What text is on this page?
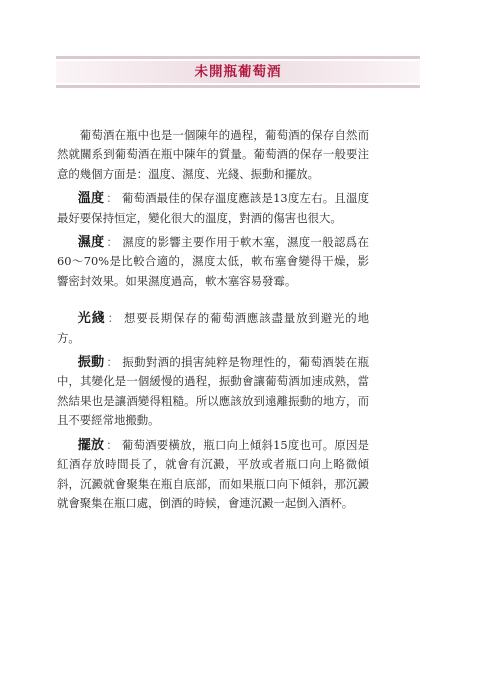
未開瓶葡萄酒

葡萄酒在瓶中也是一個陳年的過程，葡萄酒的保存自然而然就關系到葡萄酒在瓶中陳年的質量。葡萄酒的保存一般要注意的幾個方面是：溫度、濕度、光綫、振動和擺放。

溫度 ： 葡萄酒最佳的保存溫度應該是13度左右。且溫度最好要保持恒定，變化很大的溫度，對酒的傷害也很大。

濕度 ： 濕度的影響主要作用于軟木塞，濕度一般認爲在60～70%是比較合適的，濕度太低，軟布塞會變得干燥，影響密封效果。如果濕度過高，軟木塞容易發霉。

光綫 ： 想要長期保存的葡萄酒應該盡量放到避光的地方。

振動 ： 振動對酒的損害純粹是物理性的，葡萄酒裝在瓶中，其變化是一個緩慢的過程，振動會讓葡萄酒加速成熟，當然結果也是讓酒變得粗糙。所以應該放到遠離振動的地方，而且不要經常地搬動。

擺放 ： 葡萄酒要橫放，瓶口向上傾斜15度也可。原因是紅酒存放時間長了，就會有沉澱，平放或者瓶口向上略微傾斜，沉澱就會聚集在瓶自底部，而如果瓶口向下傾斜，那沉澱就會聚集在瓶口處，倒酒的時候，會連沉澱一起倒入酒杯。
